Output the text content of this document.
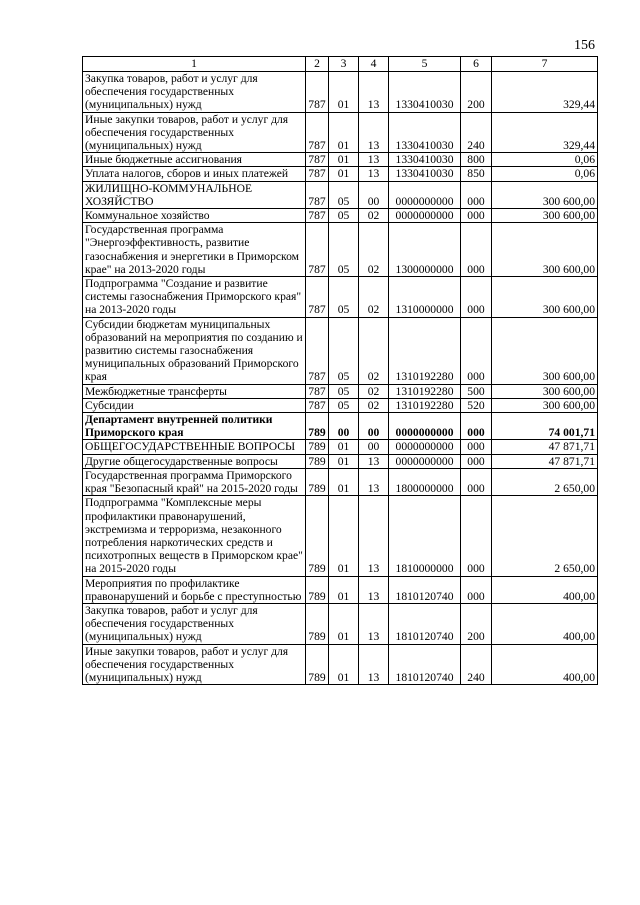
156
1	2	3	4	5	6	7
Закупка товаров, работ и услуг для обеспечения государственных (муниципальных) нужд	787	01	13	1330410030	200	329,44
Иные закупки товаров, работ и услуг для обеспечения государственных (муниципальных) нужд	787	01	13	1330410030	240	329,44
Иные бюджетные ассигнования	787	01	13	1330410030	800	0,06
Уплата налогов, сборов и иных платежей	787	01	13	1330410030	850	0,06
ЖИЛИЩНО-КОММУНАЛЬНОЕ ХОЗЯЙСТВО	787	05	00	0000000000	000	300 600,00
Коммунальное хозяйство	787	05	02	0000000000	000	300 600,00
Государственная программа "Энергоэффективность, развитие газоснабжения и энергетики в Приморском крае" на 2013-2020 годы	787	05	02	1300000000	000	300 600,00
Подпрограмма "Создание и развитие системы газоснабжения Приморского края" на 2013-2020 годы	787	05	02	1310000000	000	300 600,00
Субсидии бюджетам муниципальных образований на мероприятия по созданию и развитию системы газоснабжения муниципальных образований Приморского края	787	05	02	1310192280	000	300 600,00
Межбюджетные трансферты	787	05	02	1310192280	500	300 600,00
Субсидии	787	05	02	1310192280	520	300 600,00
Департамент внутренней политики Приморского края	789	00	00	0000000000	000	74 001,71
ОБЩЕГОСУДАРСТВЕННЫЕ ВОПРОСЫ	789	01	00	0000000000	000	47 871,71
Другие общегосударственные вопросы	789	01	13	0000000000	000	47 871,71
Государственная программа Приморского края "Безопасный край" на 2015-2020 годы	789	01	13	1800000000	000	2 650,00
Подпрограмма "Комплексные меры профилактики правонарушений, экстремизма и терроризма, незаконного потребления наркотических средств и психотропных веществ в Приморском крае" на 2015-2020 годы	789	01	13	1810000000	000	2 650,00
Мероприятия по профилактике правонарушений и борьбе с преступностью	789	01	13	1810120740	000	400,00
Закупка товаров, работ и услуг для обеспечения государственных (муниципальных) нужд	789	01	13	1810120740	200	400,00
Иные закупки товаров, работ и услуг для обеспечения государственных (муниципальных) нужд	789	01	13	1810120740	240	400,00
